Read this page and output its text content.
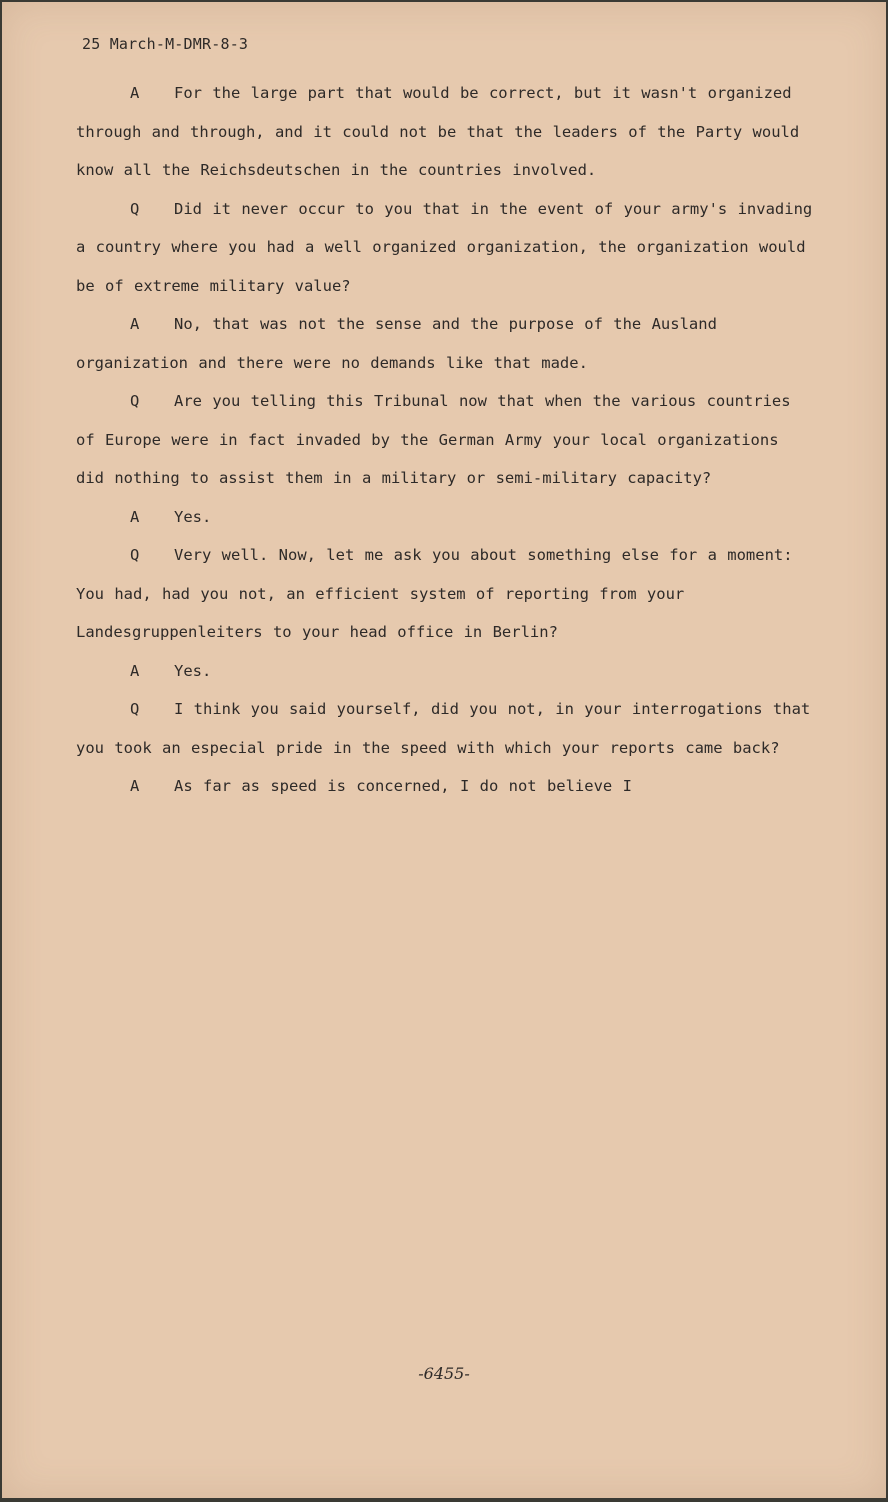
25 March-M-DMR-8-3

A For the large part that would be correct, but it wasn't organized through and through, and it could not be that the leaders of the Party would know all the Reichsdeutschen in the countries involved.

Q Did it never occur to you that in the event of your army's invading a country where you had a well organized organization, the organization would be of extreme military value?

A No, that was not the sense and the purpose of the Ausland organization and there were no demands like that made.

Q Are you telling this Tribunal now that when the various countries of Europe were in fact invaded by the German Army your local organizations did nothing to assist them in a military or semi-military capacity?

A Yes.

Q Very well. Now, let me ask you about something else for a moment: You had, had you not, an efficient system of reporting from your Landesgruppenleiters to your head office in Berlin?

A Yes.

Q I think you said yourself, did you not, in your interrogations that you took an especial pride in the speed with which your reports came back?

A As far as speed is concerned, I do not believe I

-6455-
